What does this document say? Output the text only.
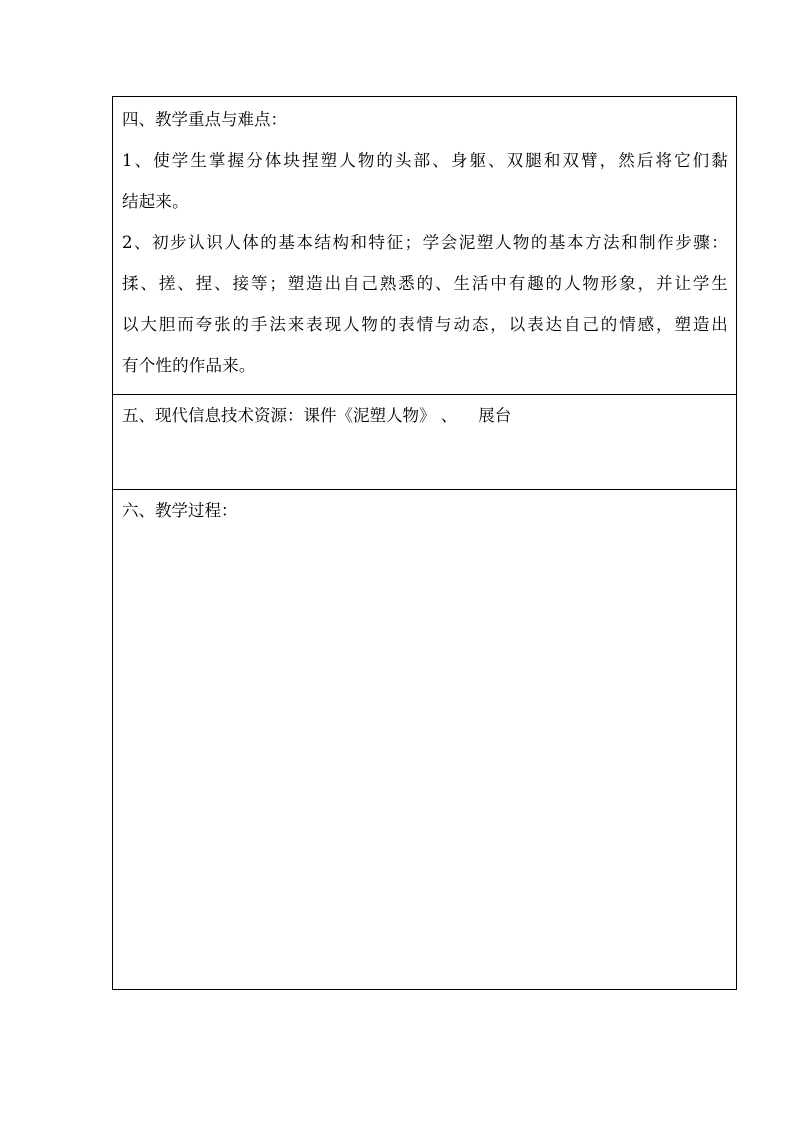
四、教学重点与难点：
1、使学生掌握分体块捏塑人物的头部、身躯、双腿和双臂，然后将它们黏
结起来。
2、初步认识人体的基本结构和特征；学会泥塑人物的基本方法和制作步骤：
揉、搓、捏、接等；塑造出自己熟悉的、生活中有趣的人物形象，并让学生
以大胆而夸张的手法来表现人物的表情与动态，以表达自己的情感，塑造出
有个性的作品来。
五、现代信息技术资源：课件《泥塑人物》 、    展台
六、教学过程：
